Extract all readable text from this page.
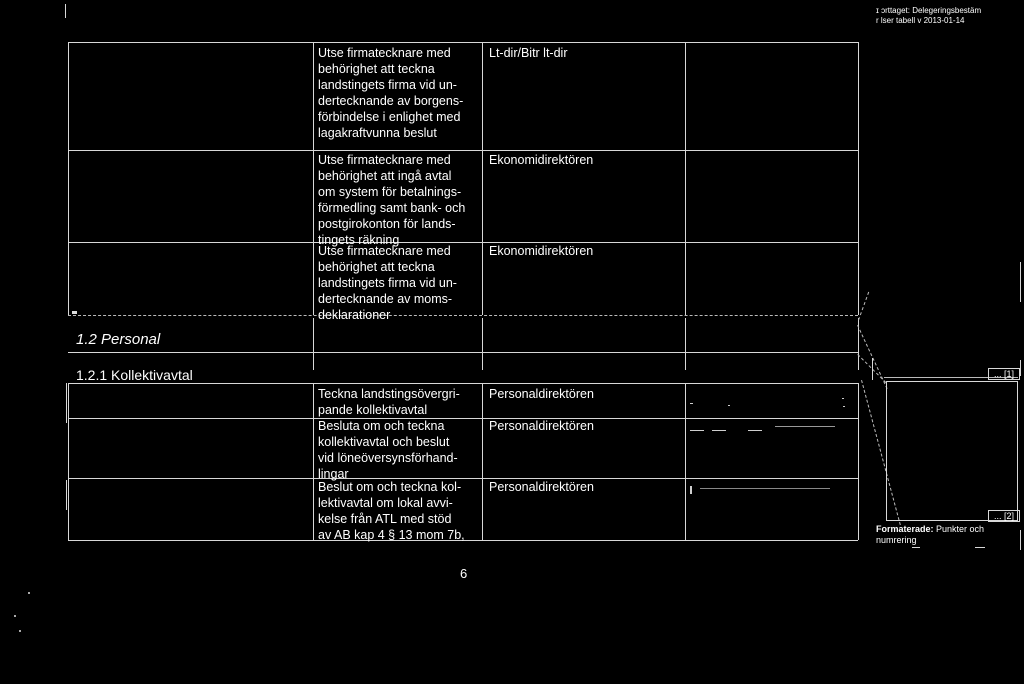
ɪ ɔrttaget: Delegeringsbestäm
r lser tabell v 2013-01-14
Utse firmatecknare med
behörighet att teckna
landstingets firma vid un-
dertecknande av borgens-
förbindelse i enlighet med
lagakraftvunna beslut
Lt-dir/Bitr lt-dir
Utse firmatecknare med
behörighet att ingå avtal
om system för betalnings-
förmedling samt bank- och
postgirokonton för lands-
tingets räkning
Ekonomidirektören
Utse firmatecknare med
behörighet att teckna
landstingets firma vid un-
dertecknande av moms-
deklarationer
Ekonomidirektören
1.2 Personal
1.2.1 Kollektivavtal
Teckna landstingsövergri-
pande kollektivavtal
Personaldirektören
Besluta om och teckna
kollektivavtal och beslut
vid löneöversynsförhand-
lingar
Personaldirektören
Beslut om och teckna kol-
lektivavtal om lokal avvi-
kelse från ATL med stöd
av AB kap 4 § 13 mom 7b,
Personaldirektören
... [1]
... [2]
Formaterade: Punkter och
numrering
6
